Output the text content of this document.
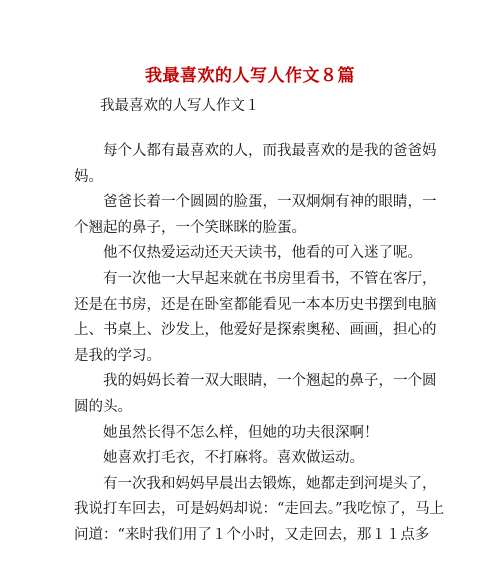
我最喜欢的人写人作文８篇
我最喜欢的人写人作文１

每个人都有最喜欢的人，而我最喜欢的是我的爸爸妈妈。

爸爸长着一个圆圆的脸蛋，一双炯炯有神的眼睛，一个翘起的鼻子，一个笑眯眯的脸蛋。

他不仅热爱运动还天天读书，他看的可入迷了呢。

有一次他一大早起来就在书房里看书，不管在客厅，还是在书房，还是在卧室都能看见一本本历史书摆到电脑上、书桌上、沙发上，他爱好是探索奥秘、画画，担心的是我的学习。

我的妈妈长着一双大眼睛，一个翘起的鼻子，一个圆圆的头。

她虽然长得不怎么样，但她的功夫很深啊！

她喜欢打毛衣，不打麻将。喜欢做运动。

有一次我和妈妈早晨出去锻炼，她都走到河堤头了，我说打车回去，可是妈妈却说：“走回去。”我吃惊了，马上问道：“来时我们用了１个小时，又走回去，那１１点多
